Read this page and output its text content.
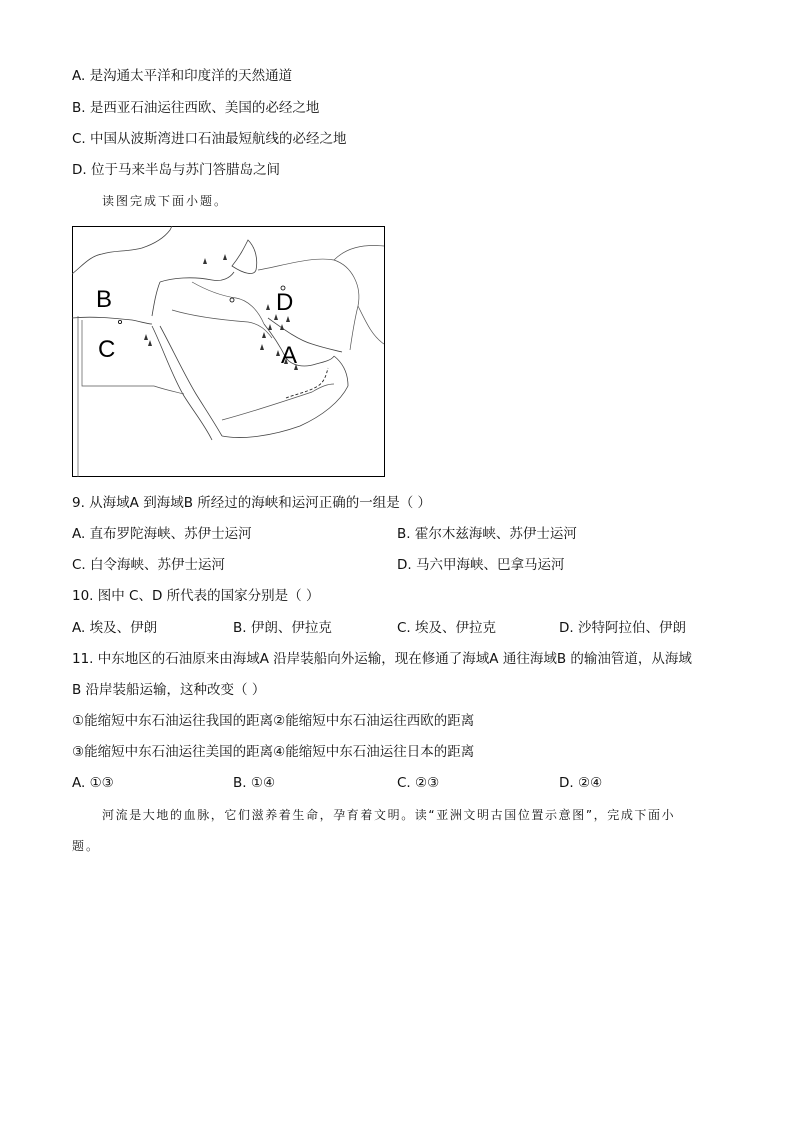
A. 是沟通太平洋和印度洋的天然通道
B. 是西亚石油运往西欧、美国的必经之地
C. 中国从波斯湾进口石油最短航线的必经之地
D. 位于马来半岛与苏门答腊岛之间
读图完成下面小题。
B
C
D
A
9. 从海域A 到海域B 所经过的海峡和运河正确的一组是（ ）
A. 直布罗陀海峡、苏伊士运河	B. 霍尔木兹海峡、苏伊士运河
C. 白令海峡、苏伊士运河	D. 马六甲海峡、巴拿马运河
10. 图中 C、D 所代表的国家分别是（ ）
A. 埃及、伊朗	B. 伊朗、伊拉克	C. 埃及、伊拉克	D. 沙特阿拉伯、伊朗
11. 中东地区的石油原来由海域A 沿岸装船向外运输，现在修通了海域A 通往海域B 的输油管道，从海域
B 沿岸装船运输，这种改变（ ）
①能缩短中东石油运往我国的距离②能缩短中东石油运往西欧的距离
③能缩短中东石油运往美国的距离④能缩短中东石油运往日本的距离
A. ①③	B. ①④	C. ②③	D. ②④
河流是大地的血脉，它们滋养着生命，孕育着文明。读“亚洲文明古国位置示意图”，完成下面小
题。
